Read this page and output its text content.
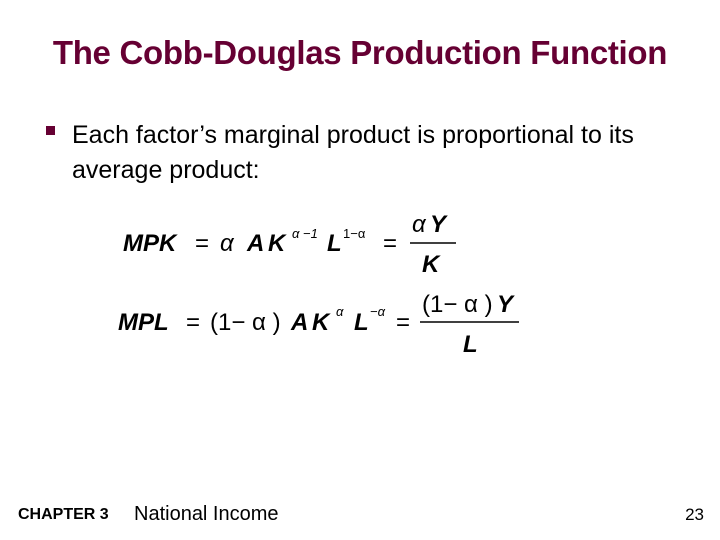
The Cobb-Douglas Production Function
Each factor’s marginal product is proportional to its average product:
MPK = α A K α −1 L 1−α =
α Y
K
MPL = (1− α ) A K α L −α =
(1− α ) Y
L
CHAPTER 3 National Income	23
